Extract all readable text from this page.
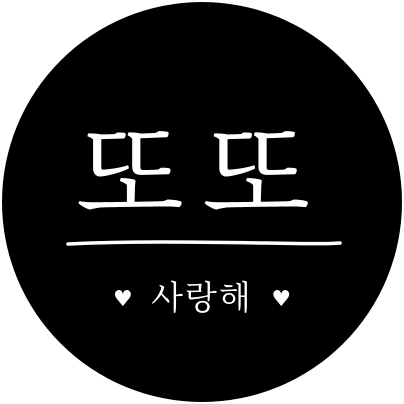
또또
♥ 사랑해 ♥
